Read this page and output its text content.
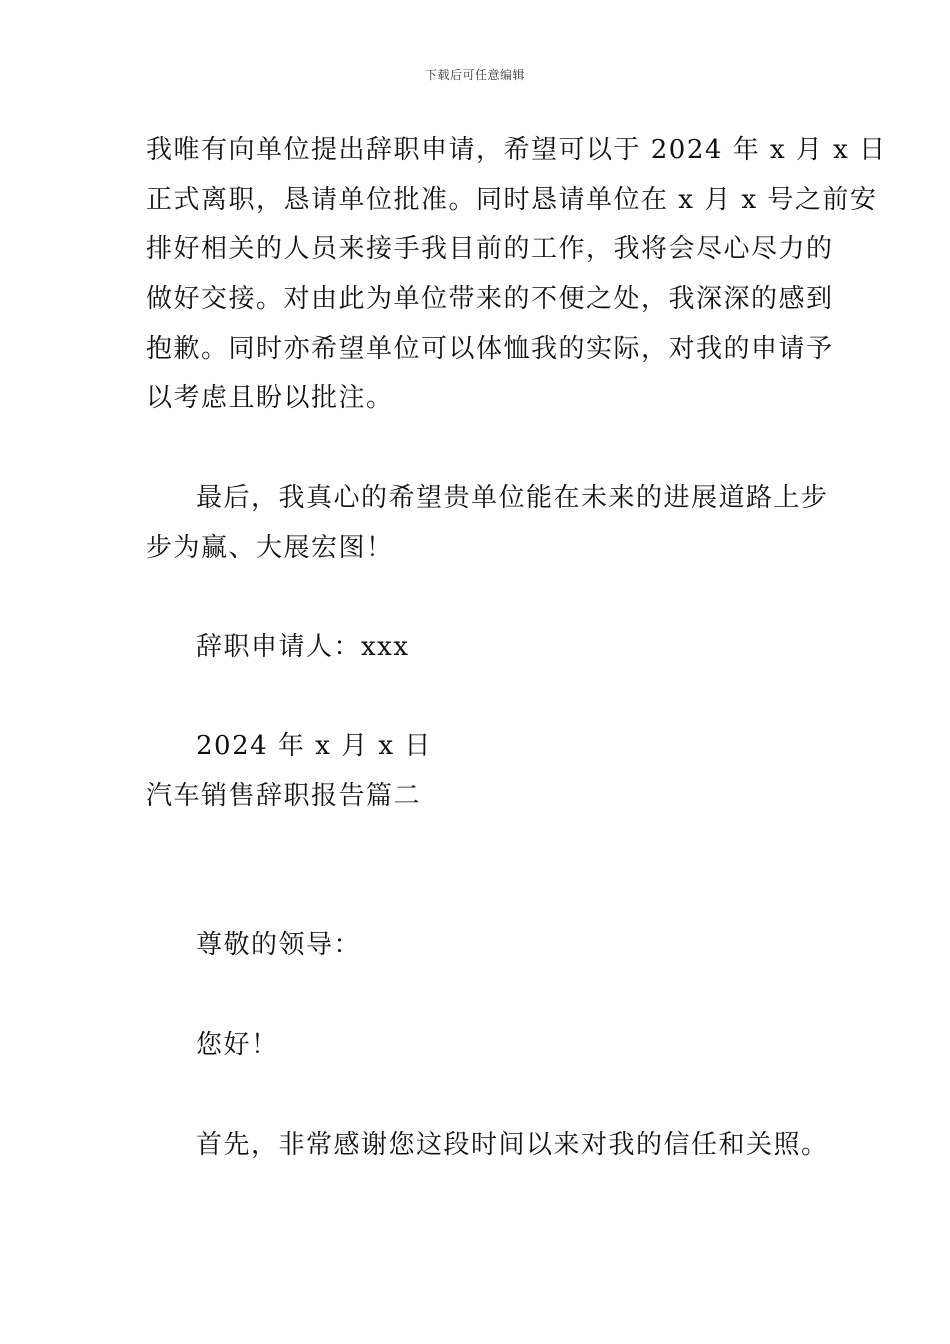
下载后可任意编辑
我唯有向单位提出辞职申请，希望可以于 2024 年 x 月 x 日
正式离职，恳请单位批准。同时恳请单位在 x 月 x 号之前安
排好相关的人员来接手我目前的工作，我将会尽心尽力的
做好交接。对由此为单位带来的不便之处，我深深的感到
抱歉。同时亦希望单位可以体恤我的实际，对我的申请予
以考虑且盼以批注。
最后，我真心的希望贵单位能在未来的进展道路上步
步为赢、大展宏图！
辞职申请人：xxx
2024 年 x 月 x 日
汽车销售辞职报告篇二
尊敬的领导：
您好！
首先，非常感谢您这段时间以来对我的信任和关照。
